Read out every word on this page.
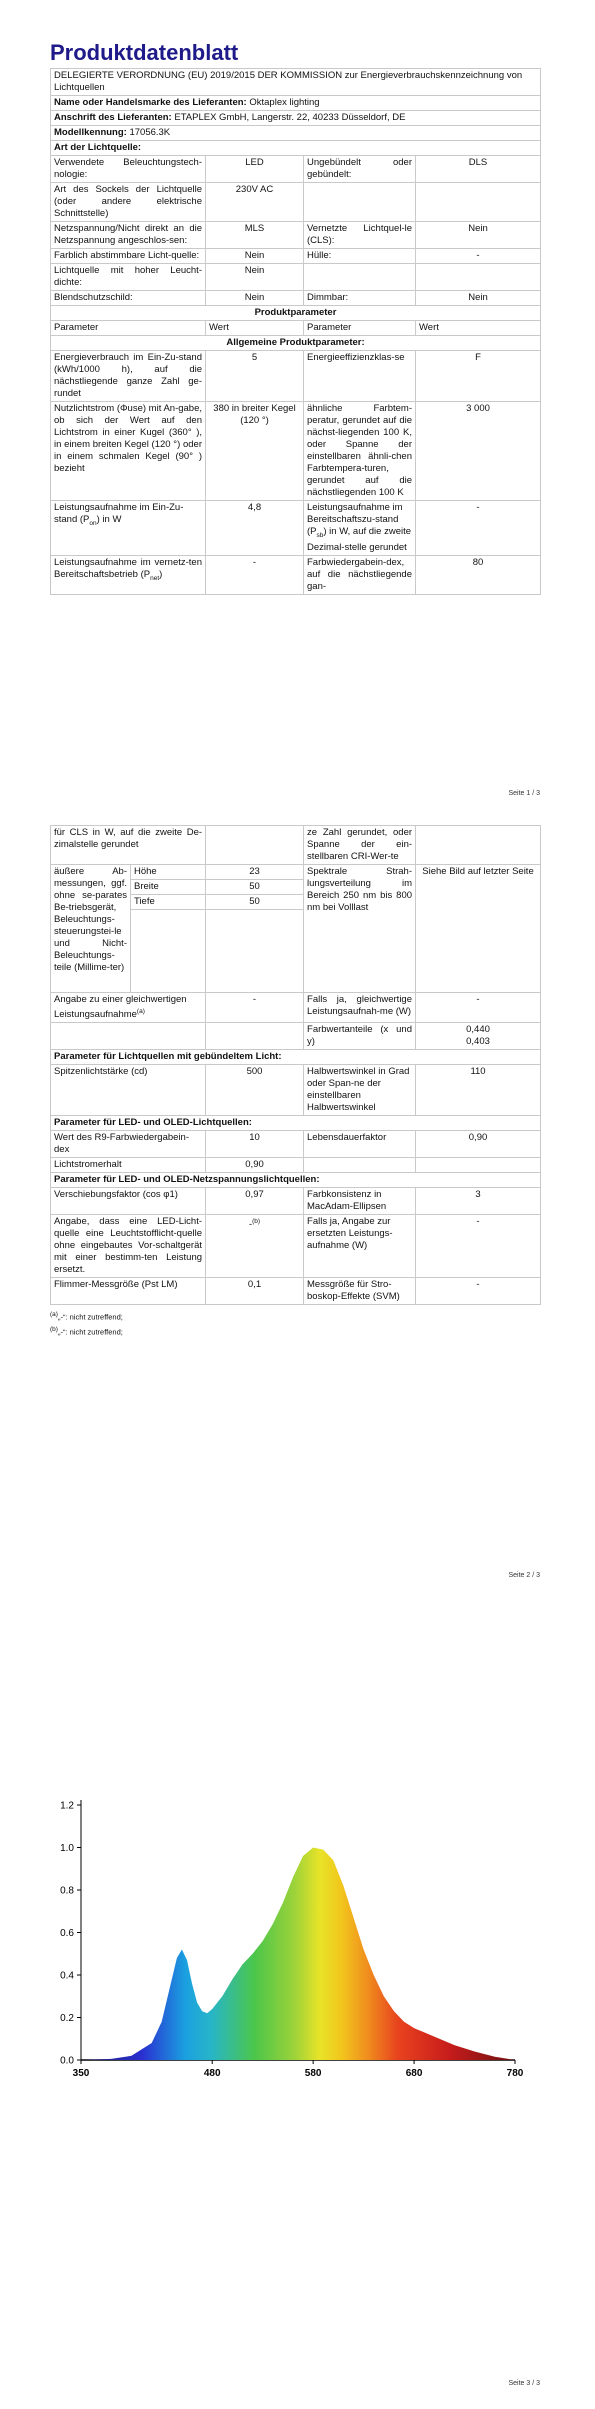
Produktdatenblatt
DELEGIERTE VERORDNUNG (EU) 2019/2015 DER KOMMISSION zur Energieverbrauchskennzeichnung von Lichtquellen			
Name oder Handelsmarke des Lieferanten: Oktaplex lighting			
Anschrift des Lieferanten: ETAPLEX GmbH, Langerstr. 22, 40233 Düsseldorf, DE			
Modellkennung: 17056.3K			
Art der Lichtquelle:			
Verwendete Beleuchtungstech-nologie:	LED	Ungebündelt oder gebündelt:	DLS
Art des Sockels der Lichtquelle (oder andere elektrische Schnittstelle)	230V AC		
Netzspannung/Nicht direkt an die Netzspannung angeschlos-sen:	MLS	Vernetzte Lichtquel-le (CLS):	Nein
Farblich abstimmbare Licht-quelle:	Nein	Hülle:	-
Lichtquelle mit hoher Leucht-dichte:	Nein		
Blendschutzschild:	Nein	Dimmbar:	Nein
Produktparameter			
Parameter	Wert	Parameter	Wert
Allgemeine Produktparameter:			
Energieverbrauch im Ein-Zu-stand (kWh/1000 h), auf die nächstliegende ganze Zahl ge-rundet	5	Energieeffizienzklas-se	F
Nutzlichtstrom (Φuse) mit An-gabe, ob sich der Wert auf den Lichtstrom in einer Kugel (360° ), in einem breiten Kegel (120 °) oder in einem schmalen Kegel (90° ) bezieht	380 in breiter Kegel (120 °)	ähnliche Farbtem-peratur, gerundet auf die nächst-liegenden 100 K, oder Spanne der einstellbaren ähnli-chen Farbtempera-turen, gerundet auf die nächstliegenden 100 K	3 000
Leistungsaufnahme im Ein-Zu-stand $(P_{on})$ in W	4,8	Leistungsaufnahme im Bereitschaftszu-stand $(P_{sb})$ in W, auf die zweite Dezimal-stelle gerundet	-
Leistungsaufnahme im vernetz-ten Bereitschaftsbetrieb $(P_{net})$	-	Farbwiedergabein-dex, auf die nächstliegende gan-	80
Seite 1 / 3
für CLS in W, auf die zweite De-zimalstelle gerundet			ze Zahl gerundet, oder Spanne der ein-stellbaren CRI-Wer-te	
äußere Ab-messungen, ggf. ohne se-parates Be-triebsgerät, Beleuchtungs-steuerungstei-le und Nicht-Beleuchtungs-teile (Millime-ter)	Höhe	23	Spektrale Strah-lungsverteilung im Bereich 250 nm bis 800 nm bei Volllast	Siehe Bild auf letzter Seite
	Breite	50		
	Tiefe	50		

Angabe zu einer gleichwertigen Leistungsaufnahme$^{(a)}$		-	Falls ja, gleichwertige Leistungsaufnah-me (W)	-
			Farbwertanteile (x und y)	0,440
0,403
Parameter für Lichtquellen mit gebündeltem Licht:				
Spitzenlichtstärke (cd)		500	Halbwertswinkel in Grad oder Span-ne der einstellbaren Halbwertswinkel	110
Parameter für LED- und OLED-Lichtquellen:				
Wert des R9-Farbwiedergabein-dex		10	Lebensdauerfaktor	0,90
Lichtstromerhalt		0,90		
Parameter für LED- und OLED-Netzspannungslichtquellen:				
Verschiebungsfaktor (cos φ1)		0,97	Farbkonsistenz in MacAdam-Ellipsen	3
Angabe, dass eine LED-Licht-quelle eine Leuchtstofflicht-quelle ohne eingebautes Vor-schaltgerät mit einer bestimm-ten Leistung ersetzt.		-$^{(b)}$	Falls ja, Angabe zur ersetzten Leistungs-aufnahme (W)	-
Flimmer-Messgröße (Pst LM)		0,1	Messgröße für Stro-boskop-Effekte (SVM)	-
$^{(a)}$„-“: nicht zutreffend;
$^{(b)}$„-“: nicht zutreffend;
Seite 2 / 3
0.0
0.2
0.4
0.6
0.8
1.0
1.2
350	480	580	680	780
Seite 3 / 3
